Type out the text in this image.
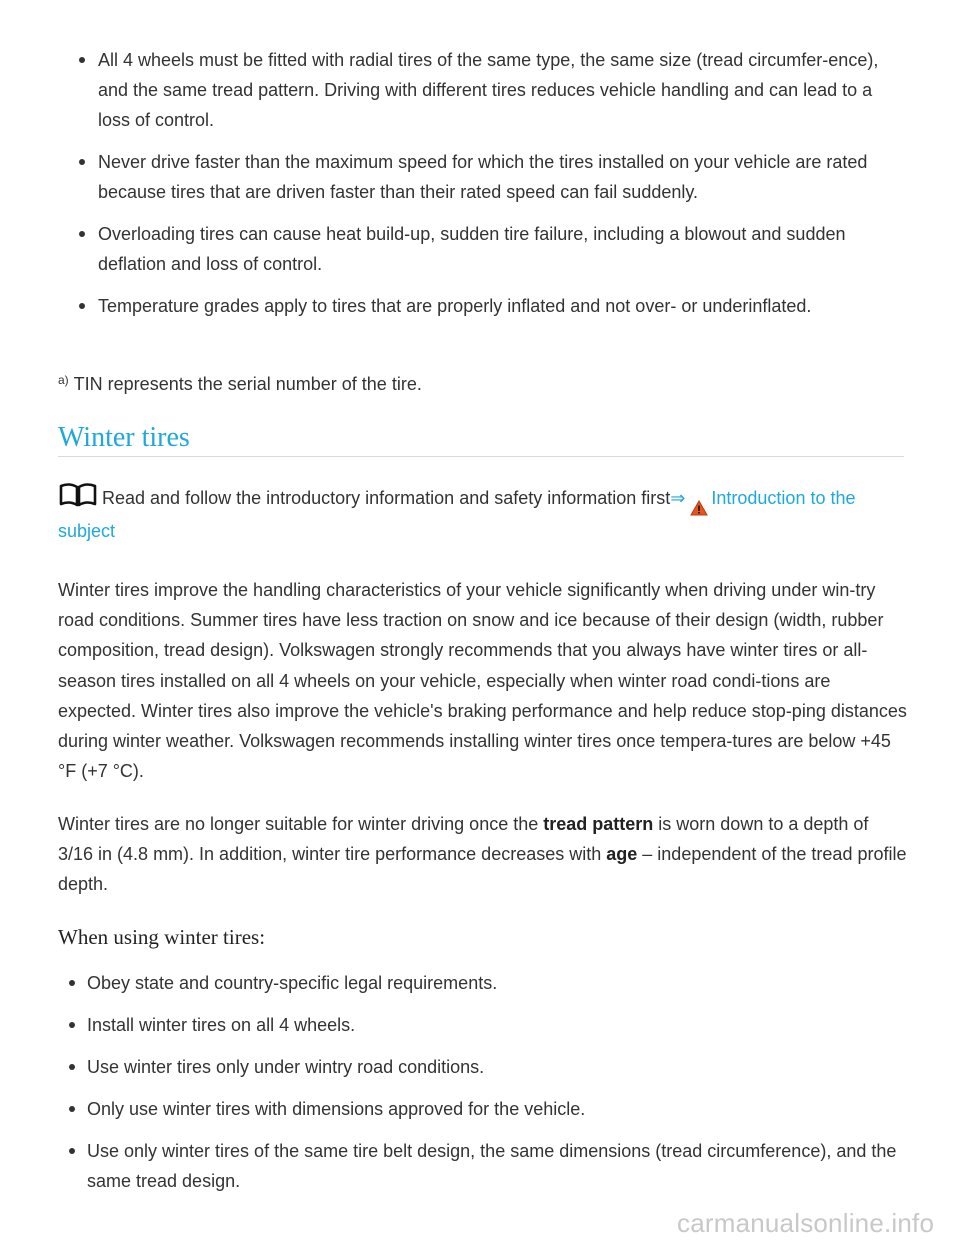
All 4 wheels must be fitted with radial tires of the same type, the same size (tread circumfer-ence), and the same tread pattern. Driving with different tires reduces vehicle handling and can lead to a loss of control.
Never drive faster than the maximum speed for which the tires installed on your vehicle are rated because tires that are driven faster than their rated speed can fail suddenly.
Overloading tires can cause heat build-up, sudden tire failure, including a blowout and sudden deflation and loss of control.
Temperature grades apply to tires that are properly inflated and not over- or underinflated.
$^{a)}$ TIN represents the serial number of the tire.
Winter tires
Read and follow the introductory information and safety information first⇒ Introduction to the subject

Winter tires improve the handling characteristics of your vehicle significantly when driving under win-try road conditions. Summer tires have less traction on snow and ice because of their design (width, rubber composition, tread design). Volkswagen strongly recommends that you always have winter tires or all-season tires installed on all 4 wheels on your vehicle, especially when winter road condi-tions are expected. Winter tires also improve the vehicle's braking performance and help reduce stop-ping distances during winter weather. Volkswagen recommends installing winter tires once tempera-tures are below +45 °F (+7 °C).

Winter tires are no longer suitable for winter driving once the tread pattern is worn down to a depth of 3/16 in (4.8 mm). In addition, winter tire performance decreases with age – independent of the tread profile depth.

When using winter tires:
Obey state and country-specific legal requirements.
Install winter tires on all 4 wheels.
Use winter tires only under wintry road conditions.
Only use winter tires with dimensions approved for the vehicle.
Use only winter tires of the same tire belt design, the same dimensions (tread circumference), and the same tread design.
carmanualsonline.info
